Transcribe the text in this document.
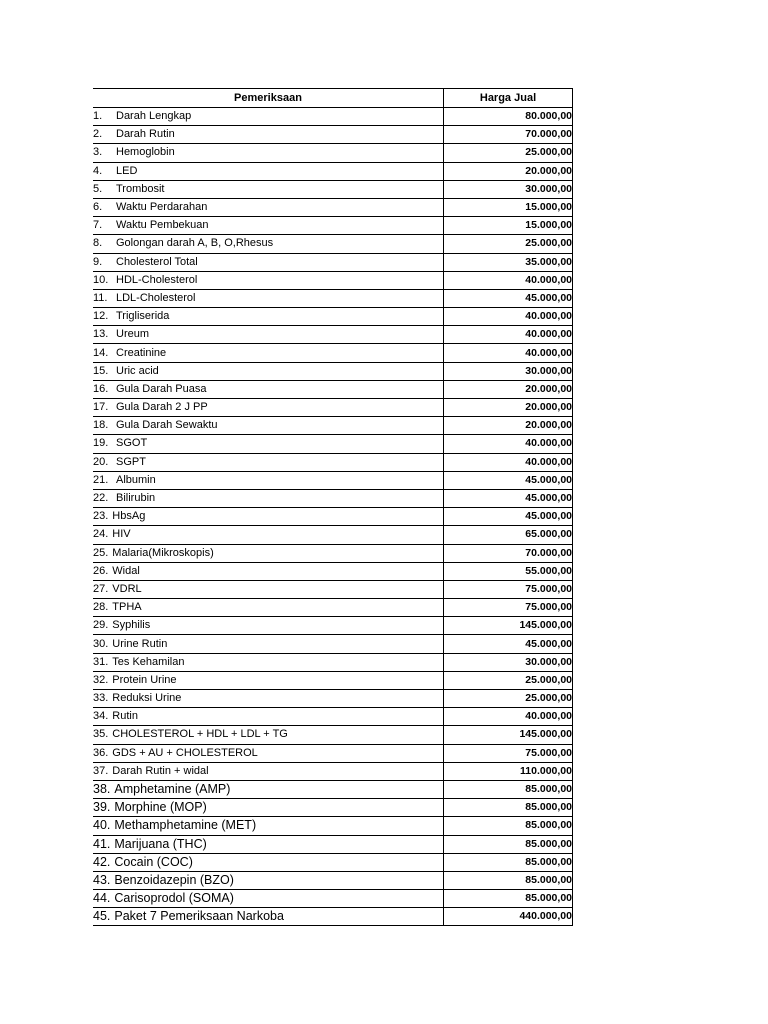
Pemeriksaan	Harga Jual
1. Darah Lengkap	80.000,00
2. Darah Rutin	70.000,00
3. Hemoglobin	25.000,00
4. LED	20.000,00
5. Trombosit	30.000,00
6. Waktu Perdarahan	15.000,00
7. Waktu Pembekuan	15.000,00
8. Golongan darah A, B, O,Rhesus	25.000,00
9. Cholesterol Total	35.000,00
10. HDL-Cholesterol	40.000,00
11. LDL-Cholesterol	45.000,00
12. Trigliserida	40.000,00
13. Ureum	40.000,00
14. Creatinine	40.000,00
15. Uric acid	30.000,00
16. Gula Darah Puasa	20.000,00
17. Gula Darah 2 J PP	20.000,00
18. Gula Darah Sewaktu	20.000,00
19. SGOT	40.000,00
20. SGPT	40.000,00
21. Albumin	45.000,00
22. Bilirubin	45.000,00
23. HbsAg	45.000,00
24. HIV	65.000,00
25. Malaria(Mikroskopis)	70.000,00
26. Widal	55.000,00
27. VDRL	75.000,00
28. TPHA	75.000,00
29. Syphilis	145.000,00
30. Urine Rutin	45.000,00
31. Tes Kehamilan	30.000,00
32. Protein Urine	25.000,00
33. Reduksi Urine	25.000,00
34. Rutin	40.000,00
35. CHOLESTEROL + HDL + LDL + TG	145.000,00
36. GDS + AU + CHOLESTEROL	75.000,00
37. Darah Rutin + widal	110.000,00
38. Amphetamine (AMP)	85.000,00
39. Morphine (MOP)	85.000,00
40. Methamphetamine (MET)	85.000,00
41. Marijuana (THC)	85.000,00
42. Cocain (COC)	85.000,00
43. Benzoidazepin (BZO)	85.000,00
44. Carisoprodol (SOMA)	85.000,00
45. Paket 7 Pemeriksaan Narkoba	440.000,00
